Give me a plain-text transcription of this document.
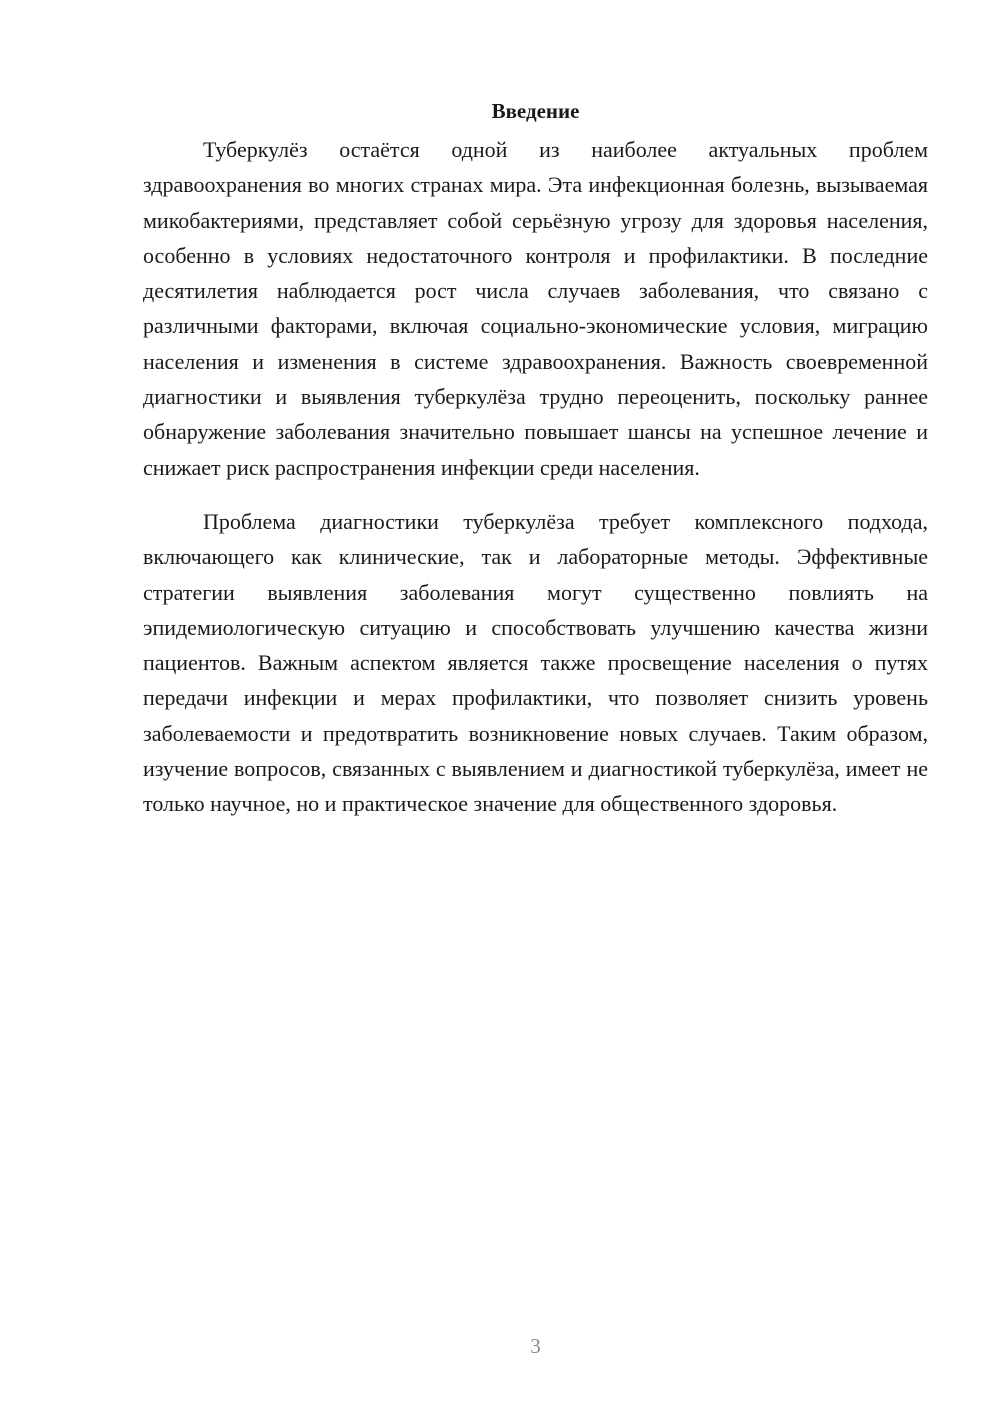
Введение

Туберкулёз остаётся одной из наиболее актуальных проблем здравоохранения во многих странах мира. Эта инфекционная болезнь, вызываемая микобактериями, представляет собой серьёзную угрозу для здоровья населения, особенно в условиях недостаточного контроля и профилактики. В последние десятилетия наблюдается рост числа случаев заболевания, что связано с различными факторами, включая социально-экономические условия, миграцию населения и изменения в системе здравоохранения. Важность своевременной диагностики и выявления туберкулёза трудно переоценить, поскольку раннее обнаружение заболевания значительно повышает шансы на успешное лечение и снижает риск распространения инфекции среди населения.

Проблема диагностики туберкулёза требует комплексного подхода, включающего как клинические, так и лабораторные методы. Эффективные стратегии выявления заболевания могут существенно повлиять на эпидемиологическую ситуацию и способствовать улучшению качества жизни пациентов. Важным аспектом является также просвещение населения о путях передачи инфекции и мерах профилактики, что позволяет снизить уровень заболеваемости и предотвратить возникновение новых случаев. Таким образом, изучение вопросов, связанных с выявлением и диагностикой туберкулёза, имеет не только научное, но и практическое значение для общественного здоровья.

3
